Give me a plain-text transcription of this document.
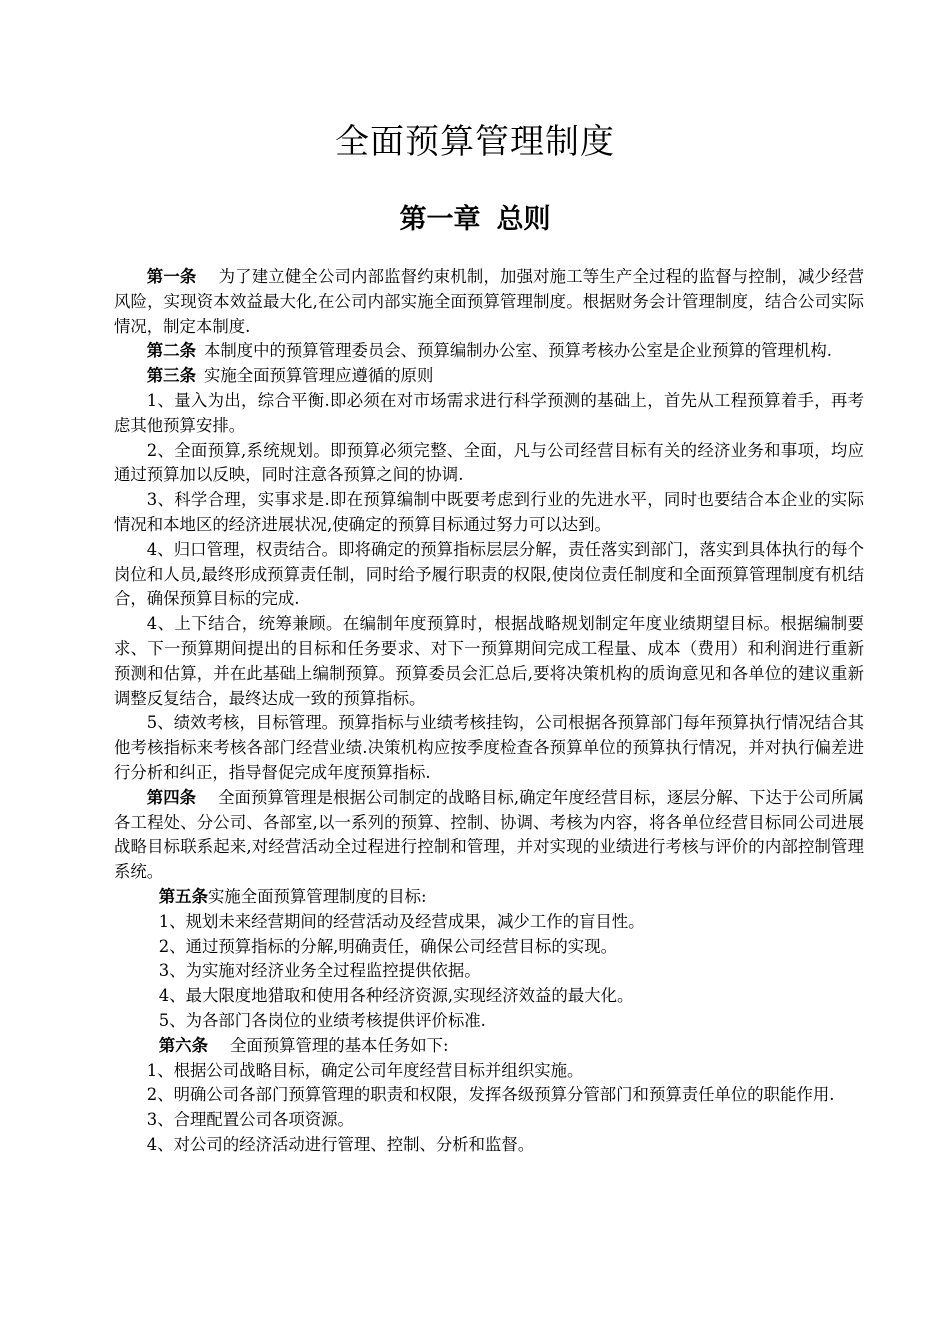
全面预算管理制度
第一章 总则

第一条 为了建立健全公司内部监督约束机制，加强对施工等生产全过程的监督与控制，减少经营风险，实现资本效益最大化,在公司内部实施全面预算管理制度。根据财务会计管理制度，结合公司实际情况，制定本制度.

第二条 本制度中的预算管理委员会、预算编制办公室、预算考核办公室是企业预算的管理机构.

第三条 实施全面预算管理应遵循的原则

1、量入为出，综合平衡.即必须在对市场需求进行科学预测的基础上，首先从工程预算着手，再考虑其他预算安排。

2、全面预算,系统规划。即预算必须完整、全面，凡与公司经营目标有关的经济业务和事项，均应通过预算加以反映，同时注意各预算之间的协调.

3、科学合理，实事求是.即在预算编制中既要考虑到行业的先进水平，同时也要结合本企业的实际情况和本地区的经济进展状况,使确定的预算目标通过努力可以达到。

4、归口管理，权责结合。即将确定的预算指标层层分解，责任落实到部门，落实到具体执行的每个岗位和人员,最终形成预算责任制，同时给予履行职责的权限,使岗位责任制度和全面预算管理制度有机结合，确保预算目标的完成.

4、上下结合，统筹兼顾。在编制年度预算时，根据战略规划制定年度业绩期望目标。根据编制要求、下一预算期间提出的目标和任务要求、对下一预算期间完成工程量、成本（费用）和利润进行重新预测和估算，并在此基础上编制预算。预算委员会汇总后,要将决策机构的质询意见和各单位的建议重新调整反复结合，最终达成一致的预算指标。

5、绩效考核，目标管理。预算指标与业绩考核挂钩，公司根据各预算部门每年预算执行情况结合其他考核指标来考核各部门经营业绩.决策机构应按季度检查各预算单位的预算执行情况，并对执行偏差进行分析和纠正，指导督促完成年度预算指标.

第四条 全面预算管理是根据公司制定的战略目标,确定年度经营目标，逐层分解、下达于公司所属各工程处、分公司、各部室,以一系列的预算、控制、协调、考核为内容，将各单位经营目标同公司进展战略目标联系起来,对经营活动全过程进行控制和管理，并对实现的业绩进行考核与评价的内部控制管理系统。

第五条实施全面预算管理制度的目标:

1、规划未来经营期间的经营活动及经营成果，减少工作的盲目性。

2、通过预算指标的分解,明确责任，确保公司经营目标的实现。

3、为实施对经济业务全过程监控提供依据。

4、最大限度地猎取和使用各种经济资源,实现经济效益的最大化。

5、为各部门各岗位的业绩考核提供评价标准.

第六条 全面预算管理的基本任务如下:

1、根据公司战略目标，确定公司年度经营目标并组织实施。

2、明确公司各部门预算管理的职责和权限，发挥各级预算分管部门和预算责任单位的职能作用.

3、合理配置公司各项资源。

4、对公司的经济活动进行管理、控制、分析和监督。
